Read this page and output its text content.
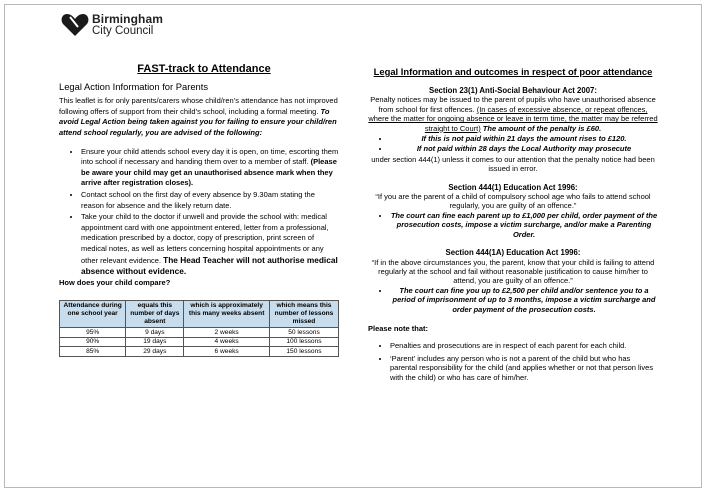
Birmingham
City Council
FAST-track to Attendance
Legal Action Information for Parents
This leaflet is for only parents/carers whose child/ren’s attendance has not improved following offers of support from their child’s school, including a formal meeting. To avoid Legal Action being taken against you for failing to ensure your child/ren attend school regularly, you are advised of the following:
• Ensure your child attends school every day it is open, on time, escorting them into school if necessary and handing them over to a member of staff. (Please be aware your child may get an unauthorised absence mark when they arrive after registration closes).
• Contact school on the first day of every absence by 9.30am stating the reason for absence and the likely return date.
• Take your child to the doctor if unwell and provide the school with: medical appointment card with one appointment entered, letter from a professional, medication prescribed by a doctor, copy of prescription, print screen of medical notes, as well as letters concerning hospital appointments or any other relevant evidence. The Head Teacher will not authorise medical absence without evidence.
How does your child compare?
Attendance during one school year	equals this number of days absent	which is approximately this many weeks absent	which means this number of lessons missed
95%	9 days	2 weeks	50 lessons
90%	19 days	4 weeks	100 lessons
85%	29 days	6 weeks	150 lessons
Legal Information and outcomes in respect of poor attendance
Section 23(1) Anti-Social Behaviour Act 2007:
Penalty notices may be issued to the parent of pupils who have unauthorised absence from school for first offences. (In cases of excessive absence, or repeat offences, where the matter for ongoing absence or leave in term time, the matter may be referred straight to Court) The amount of the penalty is £60.
• If this is not paid within 21 days the amount rises to £120.
• If not paid within 28 days the Local Authority may prosecute
under section 444(1) unless it comes to our attention that the penalty notice had been issued in error.
Section 444(1) Education Act 1996:
“If you are the parent of a child of compulsory school age who fails to attend school regularly, you are guilty of an offence.”
• The court can fine each parent up to £1,000 per child, order payment of the prosecution costs, impose a victim surcharge, and/or make a Parenting Order.
Section 444(1A) Education Act 1996:
“If in the above circumstances you, the parent, know that your child is failing to attend regularly at the school and fail without reasonable justification to cause him/her to attend, you are guilty of an offence.”
• The court can fine you up to £2,500 per child and/or sentence you to a period of imprisonment of up to 3 months, impose a victim surcharge and order payment of the prosecution costs.
Please note that:
• Penalties and prosecutions are in respect of each parent for each child.
• ‘Parent’ includes any person who is not a parent of the child but who has parental responsibility for the child (and applies whether or not that person lives with the child) or who has care of him/her.
